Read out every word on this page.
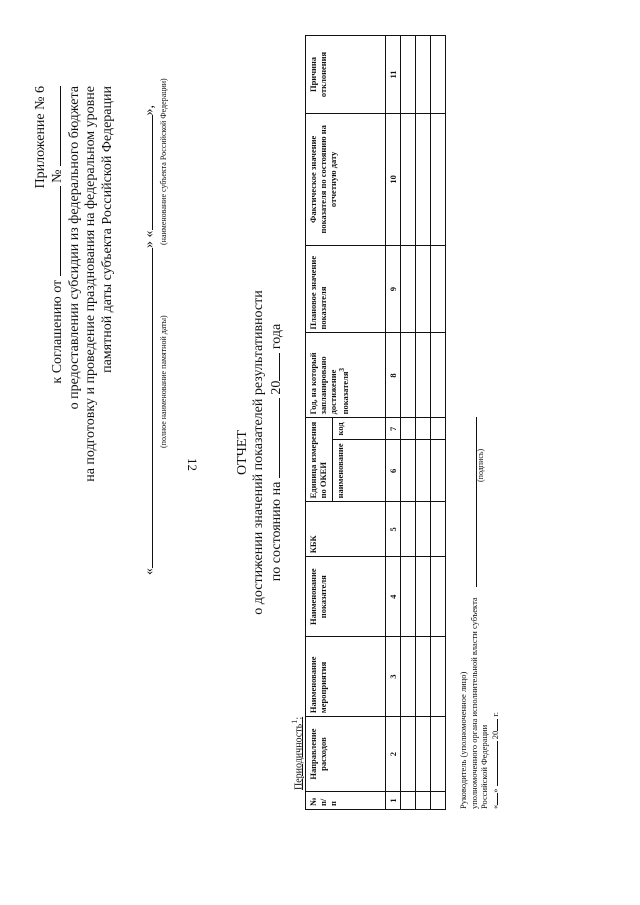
12
Приложение № 6
к Соглашению от  № о предоставлении субсидии из федерального бюджета на подготовку и проведение празднования на федеральном уровне памятной даты субъекта Российской Федерации
«» «»,
(полное наименование памятной даты)
(наименование субъекта Российской Федерации)
ОТЧЕТ о достижении значений показателей результативности по состоянию на  20 года
Периодичность$^1$:
№ п/п	Направление расходов	Наименование мероприятия	Наименование показателя	КБК	Единица измерения по ОКЕИ		Год, на который запланировано достижение показателя$^3$	Плановое значение показателя	Фактическое значение показателя по состоянию на отчетную дату	Причина отклонения
					наименование	код				
1	2	3	4	5	6	7	8	9	10	11

Руководитель (уполномоченное лицо) уполномоченного органа исполнительной власти субъекта Российской Федерации «»  20 г.
(подпись)
